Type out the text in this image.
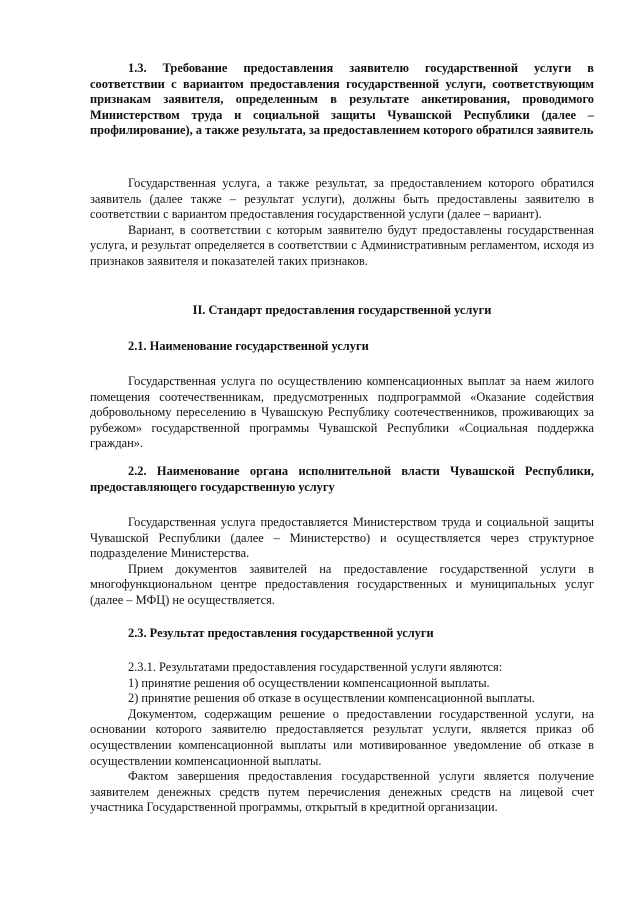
1.3. Требование предоставления заявителю государственной услуги в соответствии с вариантом предоставления государственной услуги, соответствующим признакам заявителя, определенным в результате анкетирования, проводимого Министерством труда и социальной защиты Чувашской Республики (далее – профилирование), а также результата, за предоставлением которого обратился заявитель

Государственная услуга, а также результат, за предоставлением которого обратился заявитель (далее также – результат услуги), должны быть предоставлены заявителю в соответствии с вариантом предоставления государственной услуги (далее – вариант).

Вариант, в соответствии с которым заявителю будут предоставлены государственная услуга, и результат определяется в соответствии с Административным регламентом, исходя из признаков заявителя и показателей таких признаков.

II. Стандарт предоставления государственной услуги

2.1. Наименование государственной услуги

Государственная услуга по осуществлению компенсационных выплат за наем жилого помещения соотечественникам, предусмотренных подпрограммой «Оказание содействия добровольному переселению в Чувашскую Республику соотечественников, проживающих за рубежом» государственной программы Чувашской Республики «Социальная поддержка граждан».

2.2. Наименование органа исполнительной власти Чувашской Республики, предоставляющего государственную услугу

Государственная услуга предоставляется Министерством труда и социальной защиты Чувашской Республики (далее – Министерство) и осуществляется через структурное подразделение Министерства.

Прием документов заявителей на предоставление государственной услуги в многофункциональном центре предоставления государственных и муниципальных услуг (далее – МФЦ) не осуществляется.

2.3. Результат предоставления государственной услуги

2.3.1. Результатами предоставления государственной услуги являются:

1) принятие решения об осуществлении компенсационной выплаты.

2) принятие решения об отказе в осуществлении компенсационной выплаты.

Документом, содержащим решение о предоставлении государственной услуги, на основании которого заявителю предоставляется результат услуги, является приказ об осуществлении компенсационной выплаты или мотивированное уведомление об отказе в осуществлении компенсационной выплаты.

Фактом завершения предоставления государственной услуги является получение заявителем денежных средств путем перечисления денежных средств на лицевой счет участника Государственной программы, открытый в кредитной организации.
